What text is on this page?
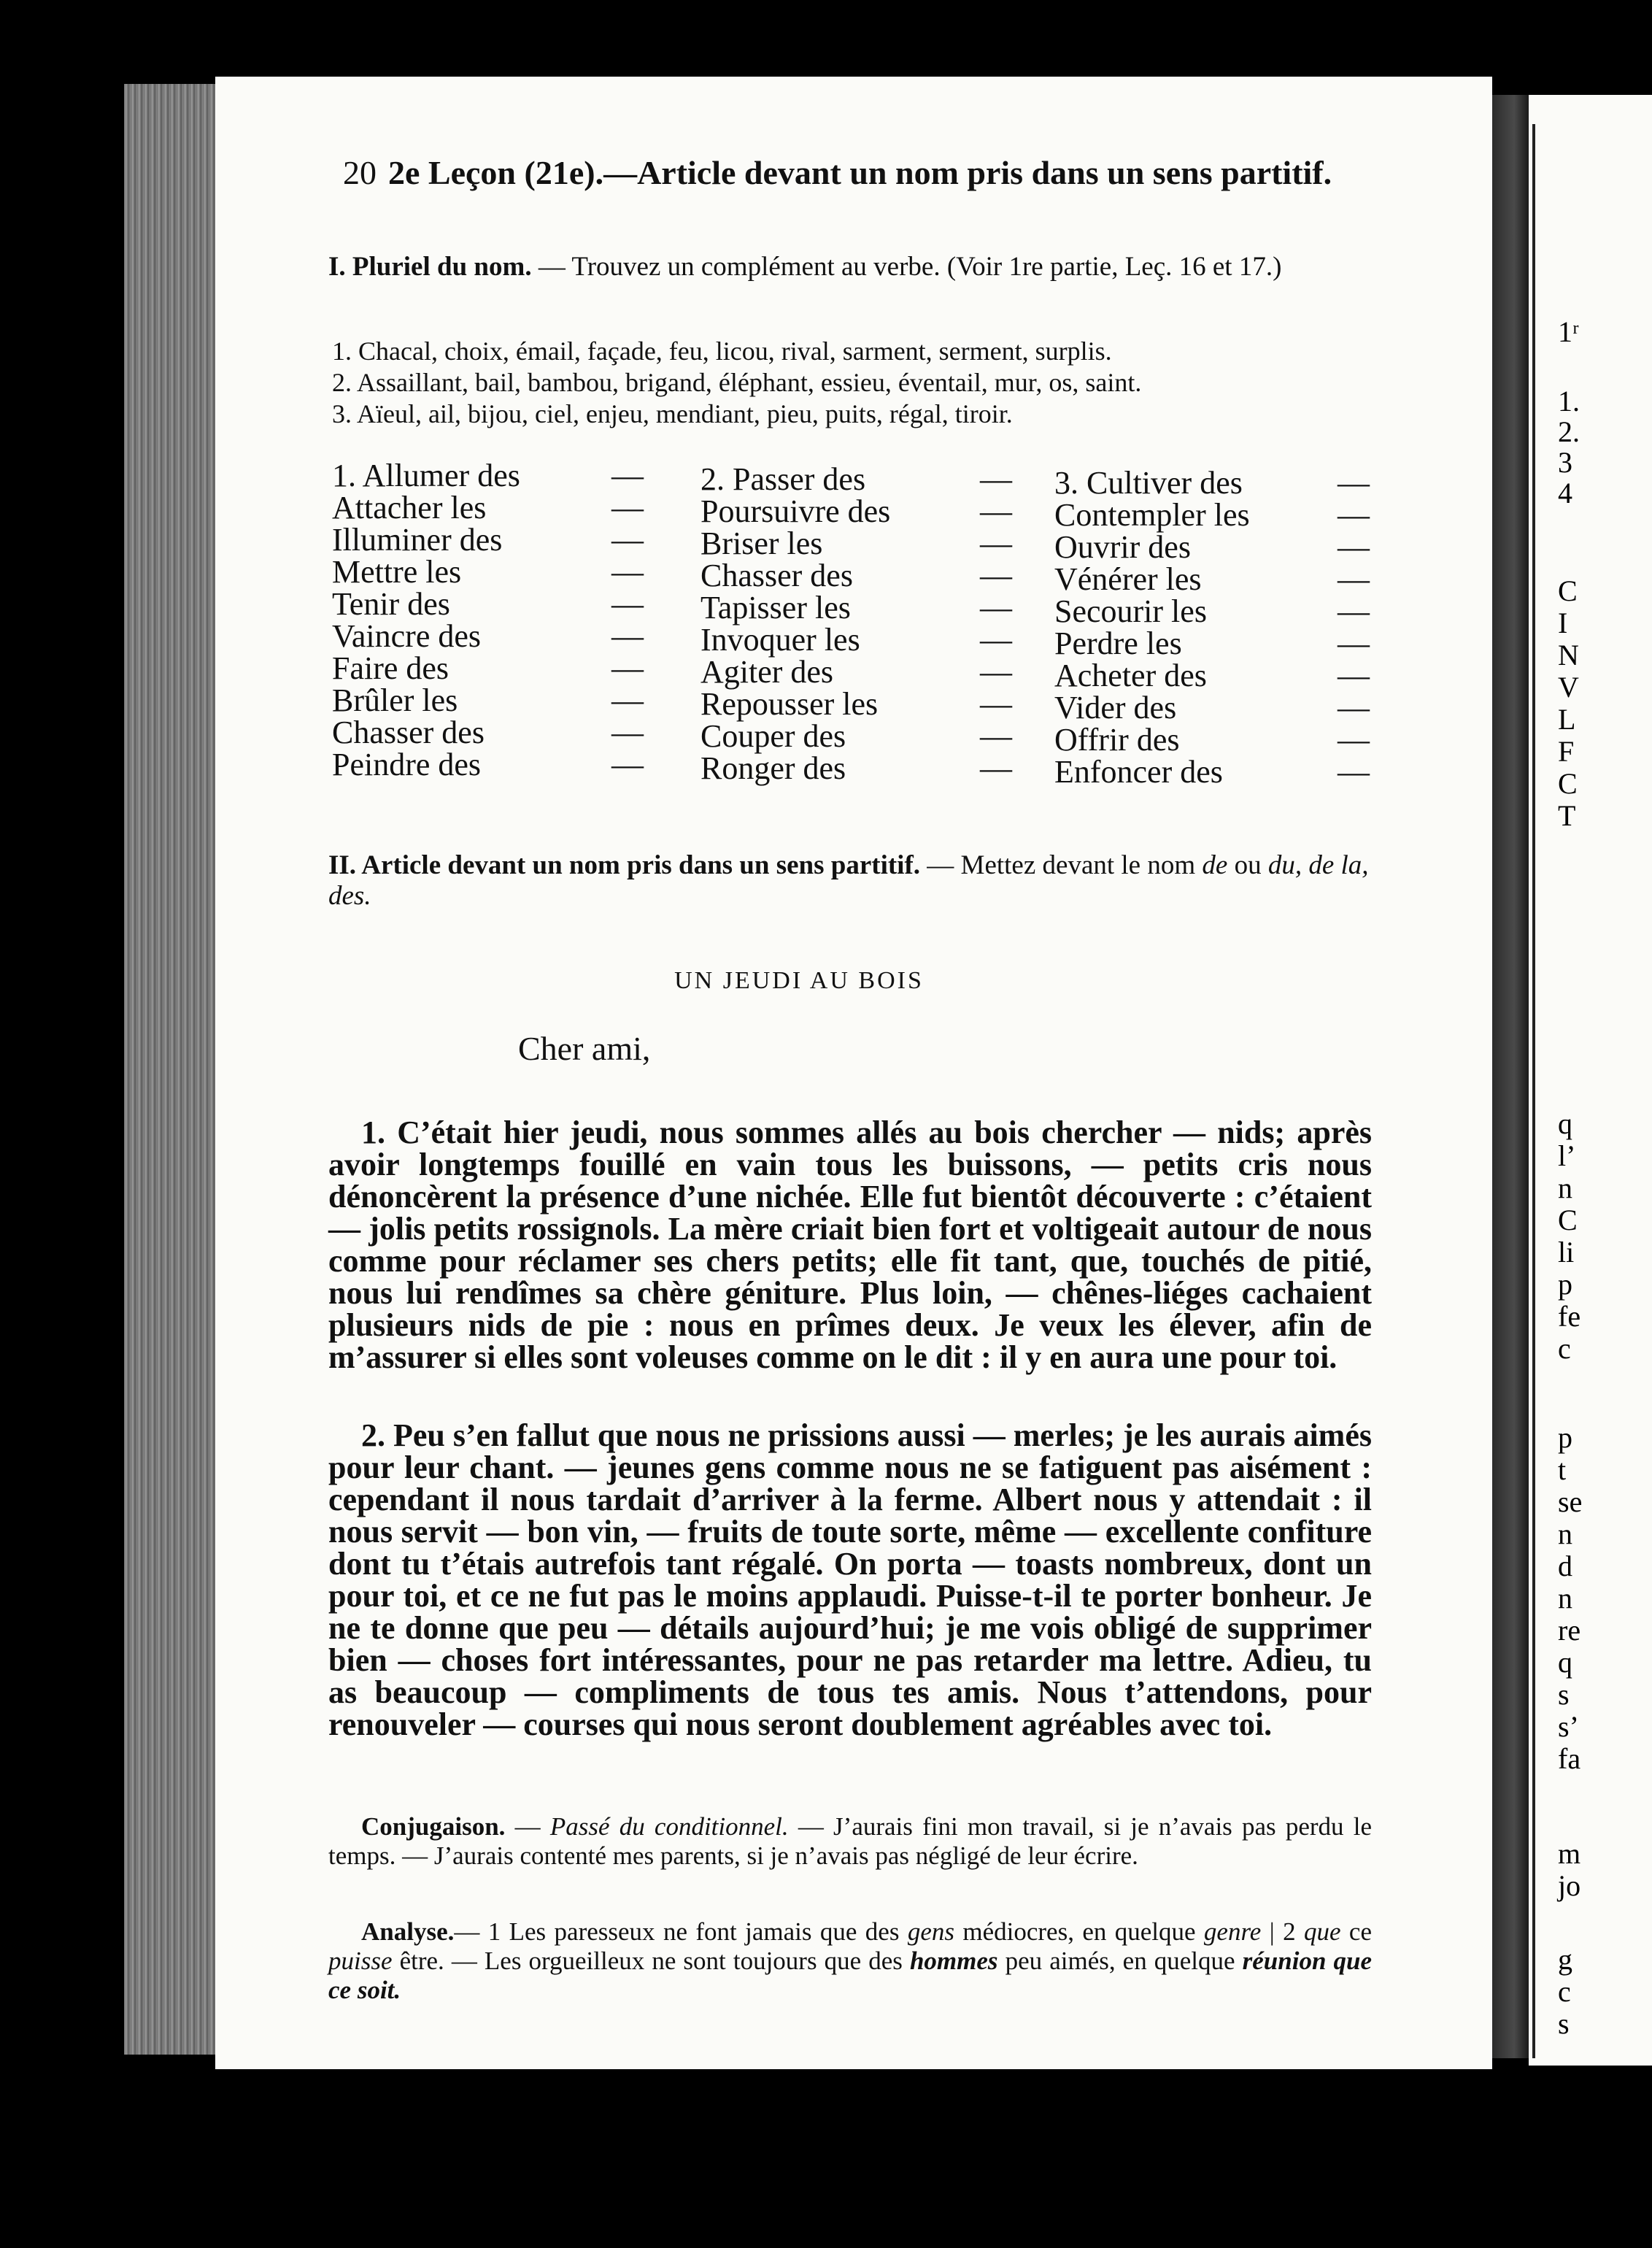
20 2e Leçon (21e).—Article devant un nom pris dans un sens partitif.
I. Pluriel du nom. — Trouvez un complément au verbe. (Voir 1re partie, Leç. 16 et 17.)
1. Chacal, choix, émail, façade, feu, licou, rival, sarment, serment, surplis.
2. Assaillant, bail, bambou, brigand, éléphant, essieu, éventail, mur, os, saint.
3. Aïeul, ail, bijou, ciel, enjeu, mendiant, pieu, puits, régal, tiroir.
1. Allumer des
Attacher les
Illuminer des
Mettre les
Tenir des
Vaincre des
Faire des
Brûler les
Chasser des
Peindre des
—
—
—
—
—
—
—
—
—
—
2. Passer des
Poursuivre des
Briser les
Chasser des
Tapisser les
Invoquer les
Agiter des
Repousser les
Couper des
Ronger des
—
—
—
—
—
—
—
—
—
—
3. Cultiver des
Contempler les
Ouvrir des
Vénérer les
Secourir les
Perdre les
Acheter des
Vider des
Offrir des
Enfoncer des
—
—
—
—
—
—
—
—
—
—
II. Article devant un nom pris dans un sens partitif. — Mettez devant le nom de ou du, de la, des.
UN JEUDI AU BOIS
Cher ami,
1. C’était hier jeudi, nous sommes allés au bois chercher — nids; après avoir longtemps fouillé en vain tous les buissons, — petits cris nous dénoncèrent la présence d’une nichée. Elle fut bientôt découverte : c’étaient — jolis petits rossignols. La mère criait bien fort et voltigeait autour de nous comme pour réclamer ses chers petits; elle fit tant, que, touchés de pitié, nous lui rendîmes sa chère géniture. Plus loin, — chênes-liéges cachaient plusieurs nids de pie : nous en prîmes deux. Je veux les élever, afin de m’assurer si elles sont voleuses comme on le dit : il y en aura une pour toi.
2. Peu s’en fallut que nous ne prissions aussi — merles; je les aurais aimés pour leur chant. — jeunes gens comme nous ne se fatiguent pas aisément : cependant il nous tardait d’arriver à la ferme. Albert nous y attendait : il nous servit — bon vin, — fruits de toute sorte, même — excellente confiture dont tu t’étais autrefois tant régalé. On porta — toasts nombreux, dont un pour toi, et ce ne fut pas le moins applaudi. Puisse-t-il te porter bonheur. Je ne te donne que peu — détails aujourd’hui; je me vois obligé de supprimer bien — choses fort intéressantes, pour ne pas retarder ma lettre. Adieu, tu as beaucoup — compliments de tous tes amis. Nous t’attendons, pour renouveler — courses qui nous seront doublement agréables avec toi.
Conjugaison. — Passé du conditionnel. — J’aurais fini mon travail, si je n’avais pas perdu le temps. — J’aurais contenté mes parents, si je n’avais pas négligé de leur écrire.
Analyse.— 1 Les paresseux ne font jamais que des gens médiocres, en quelque genre | 2 que ce puisse être. — Les orgueilleux ne sont toujours que des hommes peu aimés, en quelque réunion que ce soit.
1ʳ
1.
2.
3
4
C
I
N
V
L
F
C
T
q
l’
n
C
li
p
fe
c
p
t
se
n
d
n
re
q
s
s’
fa
m
jo
g
c
s
